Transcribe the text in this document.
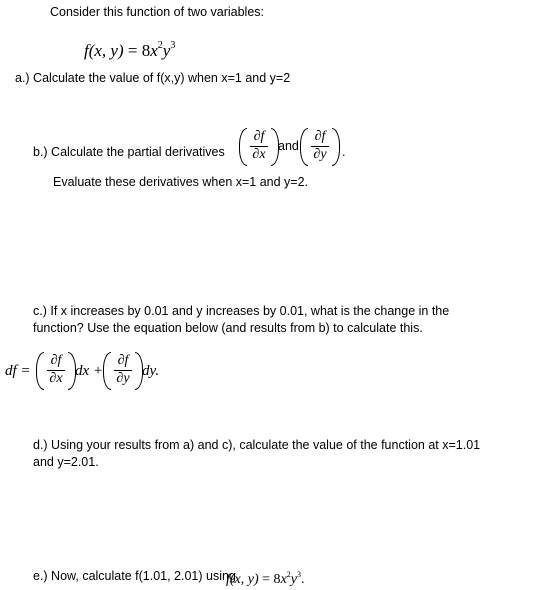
Consider this function of two variables:
f(x, $y) = 8x^2y^3$
a.) Calculate the value of f(x,y) when x=1 and y=2
b.) Calculate the partial derivatives
∂f
∂x
and
∂f
∂y	.
Evaluate these derivatives when x=1 and y=2.
c.) If x increases by 0.01 and y increases by 0.01, what is the change in the
function? Use the equation below (and results from b) to calculate this.
df =
∂f
∂x dx +
∂f
∂y dy.
d.) Using your results from a) and c), calculate the value of the function at x=1.01
and y=2.01.
e.) Now, calculate f(1.01, 2.01) using
f(x, $y) = 8x^2y^3$.
